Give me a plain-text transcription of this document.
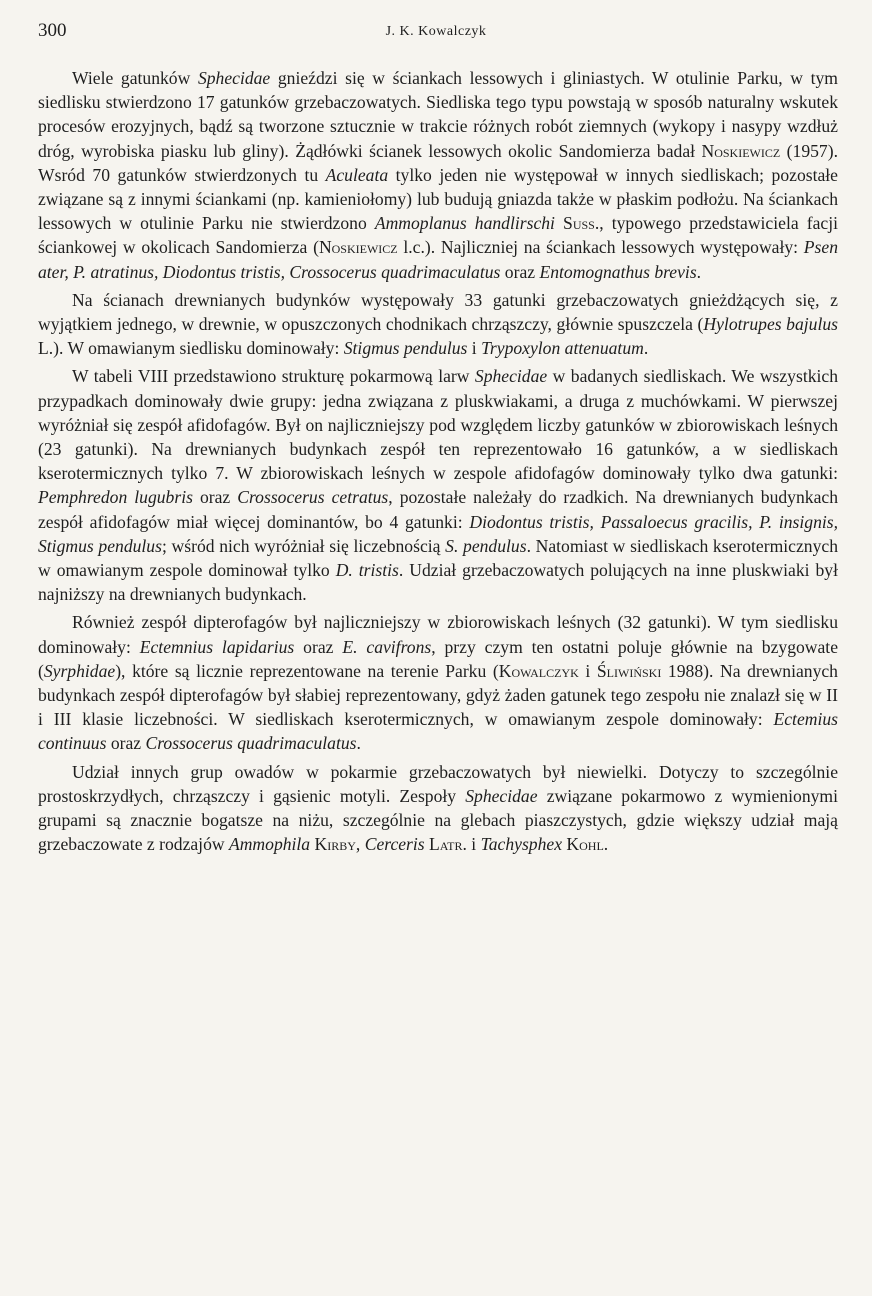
300	J. K. Kowalczyk

Wiele gatunków Sphecidae gnieździ się w ściankach lessowych i gliniastych. W otulinie Parku, w tym siedlisku stwierdzono 17 gatunków grzebaczowatych. Siedliska tego typu powstają w sposób naturalny wskutek procesów erozyjnych, bądź są tworzone sztucznie w trakcie różnych robót ziemnych (wykopy i nasypy wzdłuż dróg, wyrobiska piasku lub gliny). Żądłówki ścianek lessowych okolic Sandomierza badał Noskiewicz (1957). Wsród 70 gatunków stwierdzonych tu Aculeata tylko jeden nie występował w innych siedliskach; pozostałe związane są z innymi ściankami (np. kamieniołomy) lub budują gniazda także w płaskim podłożu. Na ściankach lessowych w otulinie Parku nie stwierdzono Ammoplanus handlirschi Suss., typowego przedstawiciela facji ściankowej w okolicach Sandomierza (Noskiewicz l.c.). Najliczniej na ściankach lessowych występowały: Psen ater, P. atratinus, Diodontus tristis, Crossocerus quadrimaculatus oraz Entomognathus brevis.

Na ścianach drewnianych budynków występowały 33 gatunki grzebaczowatych gnieżdżących się, z wyjątkiem jednego, w drewnie, w opuszczonych chodnikach chrząszczy, głównie spuszczela (Hylotrupes bajulus L.). W omawianym siedlisku dominowały: Stigmus pendulus i Trypoxylon attenuatum.

W tabeli VIII przedstawiono strukturę pokarmową larw Sphecidae w badanych siedliskach. We wszystkich przypadkach dominowały dwie grupy: jedna związana z pluskwiakami, a druga z muchówkami. W pierwszej wyróżniał się zespół afidofagów. Był on najliczniejszy pod względem liczby gatunków w zbiorowiskach leśnych (23 gatunki). Na drewnianych budynkach zespół ten reprezentowało 16 gatunków, a w siedliskach kserotermicznych tylko 7. W zbiorowiskach leśnych w zespole afidofagów dominowały tylko dwa gatunki: Pemphredon lugubris oraz Crossocerus cetratus, pozostałe należały do rzadkich. Na drewnianych budynkach zespół afidofagów miał więcej dominantów, bo 4 gatunki: Diodontus tristis, Passaloecus gracilis, P. insignis, Stigmus pendulus; wśród nich wyróżniał się liczebnością S. pendulus. Natomiast w siedliskach kserotermicznych w omawianym zespole dominował tylko D. tristis. Udział grzebaczowatych polujących na inne pluskwiaki był najniższy na drewnianych budynkach.

Również zespół dipterofagów był najliczniejszy w zbiorowiskach leśnych (32 gatunki). W tym siedlisku dominowały: Ectemnius lapidarius oraz E. cavifrons, przy czym ten ostatni poluje głównie na bzygowate (Syrphidae), które są licznie reprezentowane na terenie Parku (Kowalczyk i Śliwiński 1988). Na drewnianych budynkach zespół dipterofagów był słabiej reprezentowany, gdyż żaden gatunek tego zespołu nie znalazł się w II i III klasie liczebności. W siedliskach kserotermicznych, w omawianym zespole dominowały: Ectemius continuus oraz Crossocerus quadrimaculatus.

Udział innych grup owadów w pokarmie grzebaczowatych był niewielki. Dotyczy to szczególnie prostoskrzydłych, chrząszczy i gąsienic motyli. Zespoły Sphecidae związane pokarmowo z wymienionymi grupami są znacznie bogatsze na niżu, szczególnie na glebach piaszczystych, gdzie większy udział mają grzebaczowate z rodzajów Ammophila Kirby, Cerceris Latr. i Tachysphex Kohl.
